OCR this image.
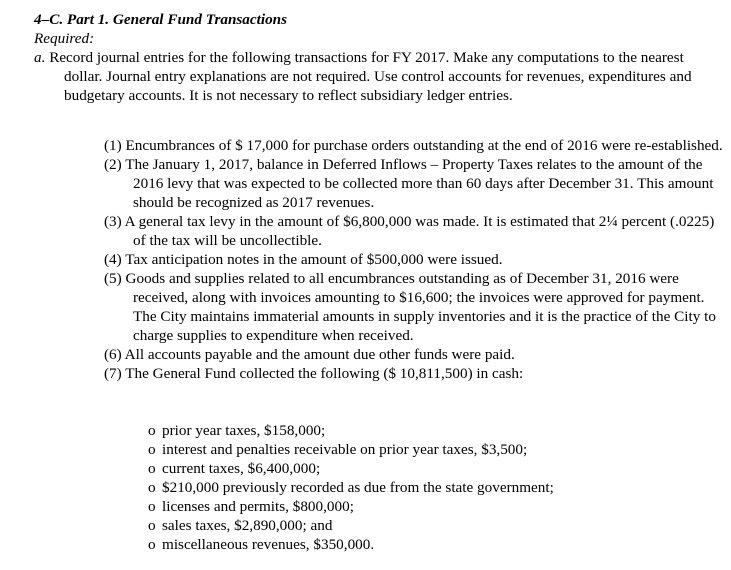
4–C. Part 1. General Fund Transactions
Required:

a. Record journal entries for the following transactions for FY 2017. Make any computations to the nearest dollar. Journal entry explanations are not required. Use control accounts for revenues, expenditures and budgetary accounts. It is not necessary to reflect subsidiary ledger entries.

(1) Encumbrances of $ 17,000 for purchase orders outstanding at the end of 2016 were re-established.

(2) The January 1, 2017, balance in Deferred Inflows – Property Taxes relates to the amount of the 2016 levy that was expected to be collected more than 60 days after December 31. This amount should be recognized as 2017 revenues.

(3) A general tax levy in the amount of $6,800,000 was made. It is estimated that 2¼ percent (.0225) of the tax will be uncollectible.

(4) Tax anticipation notes in the amount of $500,000 were issued.

(5) Goods and supplies related to all encumbrances outstanding as of December 31, 2016 were received, along with invoices amounting to $16,600; the invoices were approved for payment. The City maintains immaterial amounts in supply inventories and it is the practice of the City to charge supplies to expenditure when received.

(6) All accounts payable and the amount due other funds were paid.

(7) The General Fund collected the following ($ 10,811,500) in cash:

o prior year taxes, $158,000;

o interest and penalties receivable on prior year taxes, $3,500;

o current taxes, $6,400,000;

o $210,000 previously recorded as due from the state government;

o licenses and permits, $800,000;

o sales taxes, $2,890,000; and

o miscellaneous revenues, $350,000.
